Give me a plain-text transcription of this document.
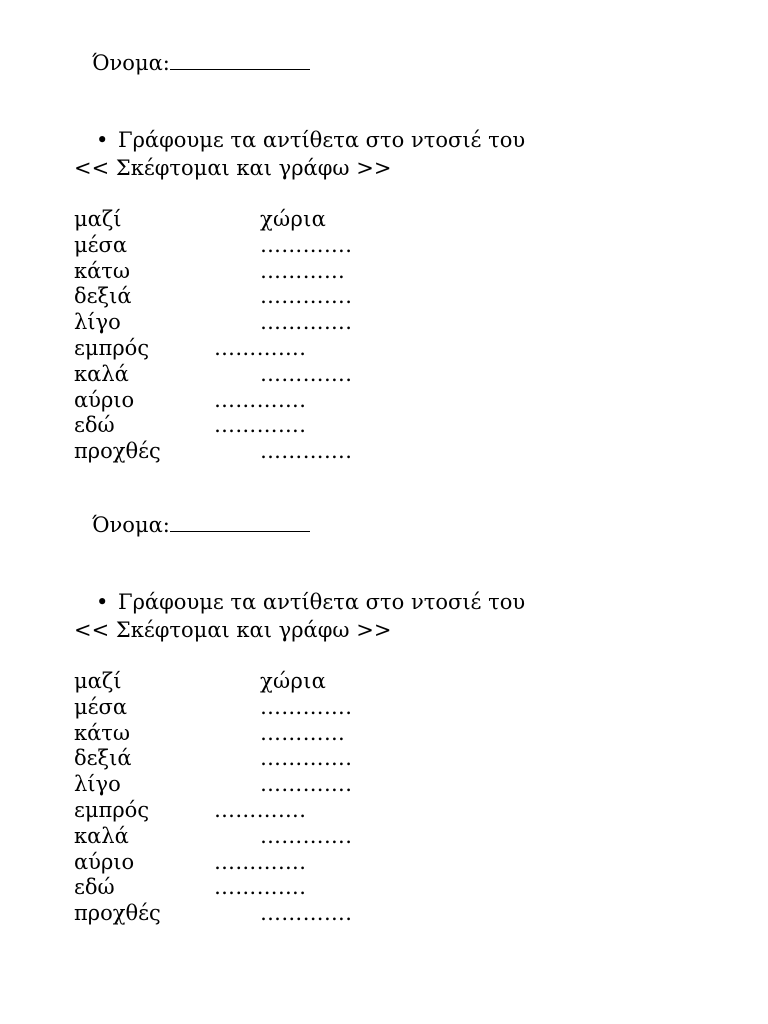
Όνομα:
• Γράφουμε τα αντίθετα στο ντοσιέ του
<< Σκέφτομαι και γράφω >>
μαζί	χώρια
μέσα	………….
κάτω	…………
δεξιά	………….
λίγο	………….
εμπρός	………….
καλά	………….
αύριο	………….
εδώ	………….
προχθές	………….
Όνομα:
• Γράφουμε τα αντίθετα στο ντοσιέ του
<< Σκέφτομαι και γράφω >>
μαζί	χώρια
μέσα	………….
κάτω	…………
δεξιά	………….
λίγο	………….
εμπρός	………….
καλά	………….
αύριο	………….
εδώ	………….
προχθές	………….
